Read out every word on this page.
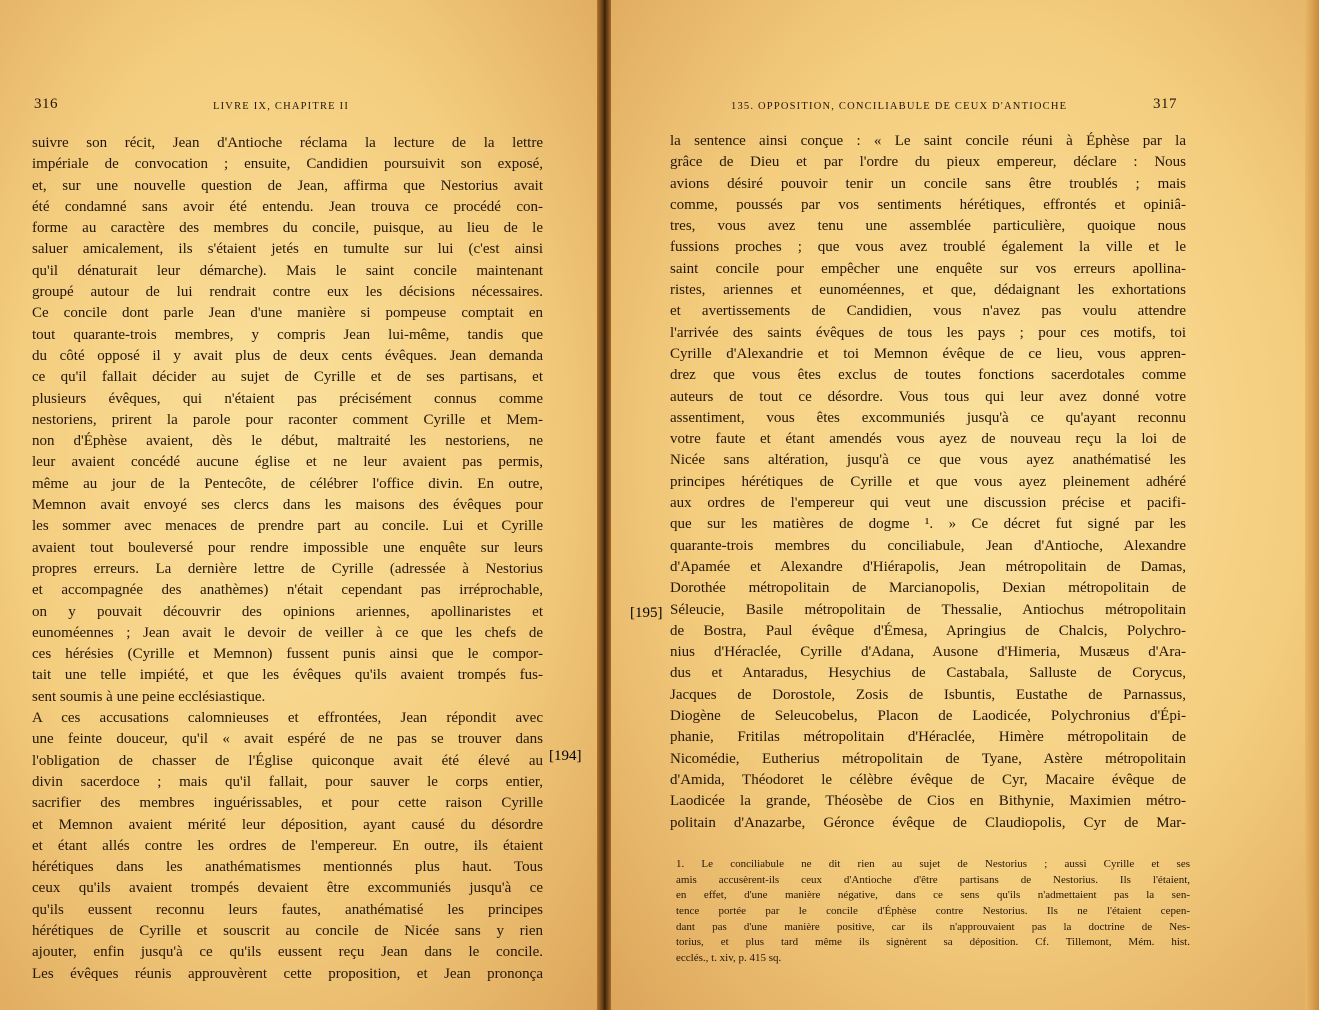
316	LIVRE IX, CHAPITRE II
suivre son récit, Jean d'Antioche réclama la lecture de la lettre
impériale de convocation ; ensuite, Candidien poursuivit son exposé,
et, sur une nouvelle question de Jean, affirma que Nestorius avait
été condamné sans avoir été entendu. Jean trouva ce procédé con-
forme au caractère des membres du concile, puisque, au lieu de le
saluer amicalement, ils s'étaient jetés en tumulte sur lui (c'est ainsi
qu'il dénaturait leur démarche). Mais le saint concile maintenant
groupé autour de lui rendrait contre eux les décisions nécessaires.
Ce concile dont parle Jean d'une manière si pompeuse comptait en
tout quarante-trois membres, y compris Jean lui-même, tandis que
du côté opposé il y avait plus de deux cents évêques. Jean demanda
ce qu'il fallait décider au sujet de Cyrille et de ses partisans, et
plusieurs évêques, qui n'étaient pas précisément connus comme
nestoriens, prirent la parole pour raconter comment Cyrille et Mem-
non d'Éphèse avaient, dès le début, maltraité les nestoriens, ne
leur avaient concédé aucune église et ne leur avaient pas permis,
même au jour de la Pentecôte, de célébrer l'office divin. En outre,
Memnon avait envoyé ses clercs dans les maisons des évêques pour
les sommer avec menaces de prendre part au concile. Lui et Cyrille
avaient tout bouleversé pour rendre impossible une enquête sur leurs
propres erreurs. La dernière lettre de Cyrille (adressée à Nestorius
et accompagnée des anathèmes) n'était cependant pas irréprochable,
on y pouvait découvrir des opinions ariennes, apollinaristes et
eunoméennes ; Jean avait le devoir de veiller à ce que les chefs de
ces hérésies (Cyrille et Memnon) fussent punis ainsi que le compor-
tait une telle impiété, et que les évêques qu'ils avaient trompés fus-
sent soumis à une peine ecclésiastique.
A ces accusations calomnieuses et effrontées, Jean répondit avec
une feinte douceur, qu'il « avait espéré de ne pas se trouver dans
l'obligation de chasser de l'Église quiconque avait été élevé au
divin sacerdoce ; mais qu'il fallait, pour sauver le corps entier,
sacrifier des membres inguérissables, et pour cette raison Cyrille
et Memnon avaient mérité leur déposition, ayant causé du désordre
et étant allés contre les ordres de l'empereur. En outre, ils étaient
hérétiques dans les anathématismes mentionnés plus haut. Tous
ceux qu'ils avaient trompés devaient être excommuniés jusqu'à ce
qu'ils eussent reconnu leurs fautes, anathématisé les principes
hérétiques de Cyrille et souscrit au concile de Nicée sans y rien
ajouter, enfin jusqu'à ce qu'ils eussent reçu Jean dans le concile.
Les évêques réunis approuvèrent cette proposition, et Jean prononça
135. OPPOSITION, CONCILIABULE DE CEUX D'ANTIOCHE	317
la sentence ainsi conçue : « Le saint concile réuni à Éphèse par la
grâce de Dieu et par l'ordre du pieux empereur, déclare : Nous
avions désiré pouvoir tenir un concile sans être troublés ; mais
comme, poussés par vos sentiments hérétiques, effrontés et opiniâ-
tres, vous avez tenu une assemblée particulière, quoique nous
fussions proches ; que vous avez troublé également la ville et le
saint concile pour empêcher une enquête sur vos erreurs apollina-
ristes, ariennes et eunoméennes, et que, dédaignant les exhortations
et avertissements de Candidien, vous n'avez pas voulu attendre
l'arrivée des saints évêques de tous les pays ; pour ces motifs, toi
Cyrille d'Alexandrie et toi Memnon évêque de ce lieu, vous appren-
drez que vous êtes exclus de toutes fonctions sacerdotales comme
auteurs de tout ce désordre. Vous tous qui leur avez donné votre
assentiment, vous êtes excommuniés jusqu'à ce qu'ayant reconnu
votre faute et étant amendés vous ayez de nouveau reçu la loi de
Nicée sans altération, jusqu'à ce que vous ayez anathématisé les
principes hérétiques de Cyrille et que vous ayez pleinement adhéré
aux ordres de l'empereur qui veut une discussion précise et pacifi-
que sur les matières de dogme ¹. » Ce décret fut signé par les
quarante-trois membres du conciliabule, Jean d'Antioche, Alexandre
d'Apamée et Alexandre d'Hiérapolis, Jean métropolitain de Damas,
Dorothée métropolitain de Marcianopolis, Dexian métropolitain de
Séleucie, Basile métropolitain de Thessalie, Antiochus métropolitain
de Bostra, Paul évêque d'Émesa, Apringius de Chalcis, Polychro-
nius d'Héraclée, Cyrille d'Adana, Ausone d'Himeria, Musæus d'Ara-
dus et Antaradus, Hesychius de Castabala, Salluste de Corycus,
Jacques de Dorostole, Zosis de Isbuntis, Eustathe de Parnassus,
Diogène de Seleucobelus, Placon de Laodicée, Polychronius d'Épi-
phanie, Fritilas métropolitain d'Héraclée, Himère métropolitain de
Nicomédie, Eutherius métropolitain de Tyane, Astère métropolitain
d'Amida, Théodoret le célèbre évêque de Cyr, Macaire évêque de
Laodicée la grande, Théosèbe de Cios en Bithynie, Maximien métro-
politain d'Anazarbe, Géronce évêque de Claudiopolis, Cyr de Mar-
1. Le conciliabule ne dit rien au sujet de Nestorius ; aussi Cyrille et ses
amis accusèrent-ils ceux d'Antioche d'être partisans de Nestorius. Ils l'étaient,
en effet, d'une manière négative, dans ce sens qu'ils n'admettaient pas la sen-
tence portée par le concile d'Éphèse contre Nestorius. Ils ne l'étaient cepen-
dant pas d'une manière positive, car ils n'approuvaient pas la doctrine de Nes-
torius, et plus tard même ils signèrent sa déposition. Cf. Tillemont, Mém. hist.
ecclés., t. xiv, p. 415 sq.
[194]
[195]
